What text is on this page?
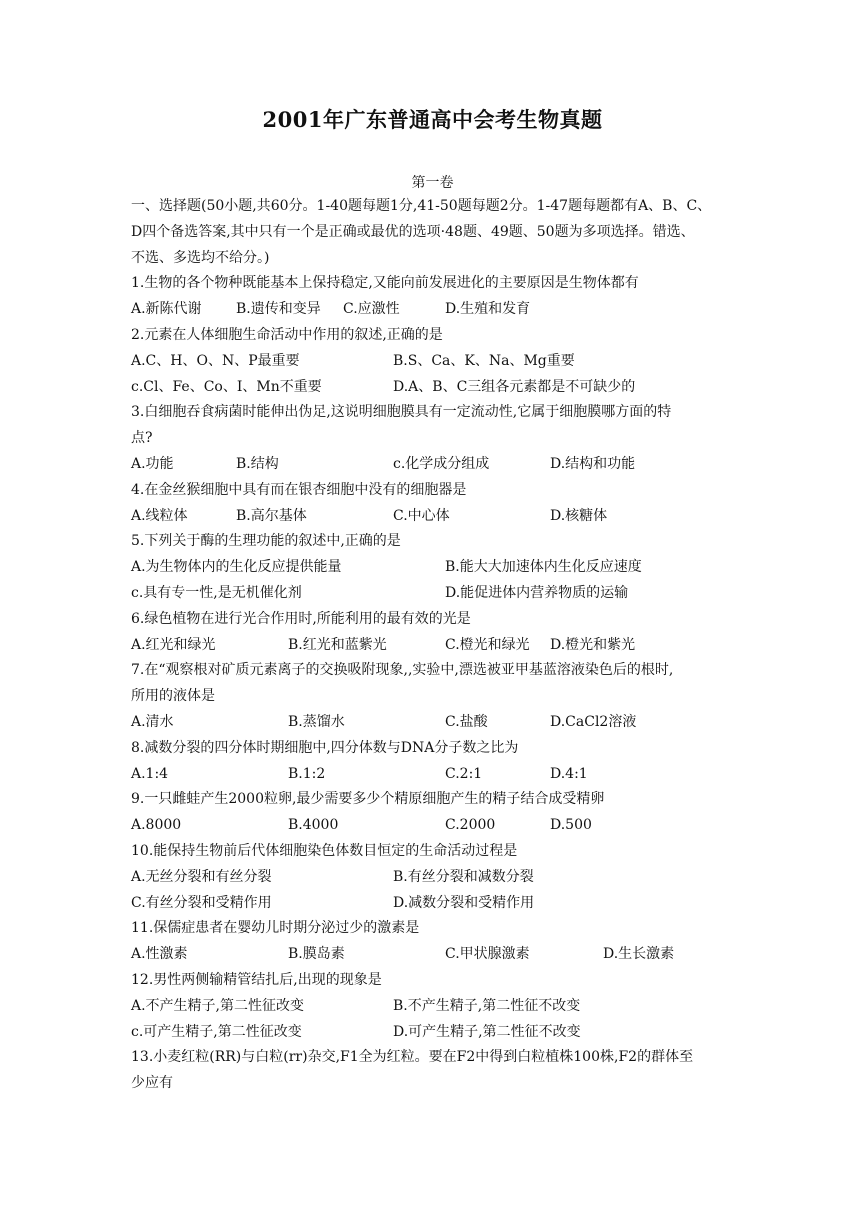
2001年广东普通高中会考生物真题
第一卷
一、选择题(50小题,共60分。1-40题每题1分,41-50题每题2分。1-47题每题都有A、B、C、
D四个备选答案,其中只有一个是正确或最优的选项·48题、49题、50题为多项选择。错选、
不选、多选均不给分。)
1.生物的各个物种既能基本上保持稳定,又能向前发展进化的主要原因是生物体都有
A.新陈代谢 B.遗传和变异 C.应激性	D.生殖和发育
2.元素在人体细胞生命活动中作用的叙述,正确的是
A.C、H、O、N、P最重要	B.S、Ca、K、Na、Mg重要
c.Cl、Fe、Co、I、Mn不重要	D.A、B、C三组各元素都是不可缺少的
3.白细胞吞食病菌时能伸出伪足,这说明细胞膜具有一定流动性,它属于细胞膜哪方面的特
点?
A.功能	B.结构	c.化学成分组成	D.结构和功能
4.在金丝猴细胞中具有而在银杏细胞中没有的细胞器是
A.线粒体	B.高尔基体	C.中心体	D.核糖体
5.下列关于酶的生理功能的叙述中,正确的是
A.为生物体内的生化反应提供能量	B.能大大加速体内生化反应速度
c.具有专一性,是无机催化剂	D.能促进体内营养物质的运输
6.绿色植物在进行光合作用时,所能利用的最有效的光是
A.红光和绿光	B.红光和蓝紫光	C.橙光和绿光 D.橙光和紫光
7.在“观察根对矿质元素离子的交换吸附现象,,实验中,漂选被亚甲基蓝溶液染色后的根时,
所用的液体是
A.清水	B.蒸馏水	C.盐酸	D.CaCl2溶液
8.减数分裂的四分体时期细胞中,四分体数与DNA分子数之比为
A.1:4	B.1:2	C.2:1	D.4:1
9.一只雌蛙产生2000粒卵,最少需要多少个精原细胞产生的精子结合成受精卵
A.8000	B.4000	C.2000	D.500
10.能保持生物前后代体细胞染色体数目恒定的生命活动过程是
A.无丝分裂和有丝分裂	B.有丝分裂和减数分裂
C.有丝分裂和受精作用	D.减数分裂和受精作用
11.保儒症患者在婴幼儿时期分泌过少的激素是
A.性激素	B.膜岛素	C.甲状腺激素	D.生长激素
12.男性两侧输精管结扎后,出现的现象是
A.不产生精子,第二性征改变	B.不产生精子,第二性征不改变
c.可产生精子,第二性征改变	D.可产生精子,第二性征不改变
13.小麦红粒(RR)与白粒(rr)杂交,F1全为红粒。要在F2中得到白粒植株100株,F2的群体至
少应有
